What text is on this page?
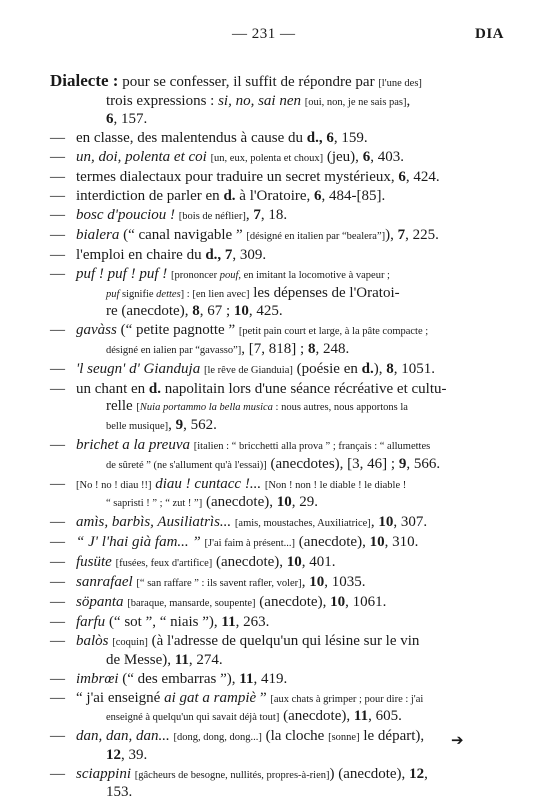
— 231 —	DIA
Dialecte : pour se confesser, il suffit de répondre par [l'une des]
trois expressions : si, no, sai nen [oui, non, je ne sais pas],
6, 157.
— en classe, des malentendus à cause du d., 6, 159.
— un, doi, polenta et coi [un, eux, polenta et choux] (jeu), 6, 403.
— termes dialectaux pour traduire un secret mystérieux, 6, 424.
— interdiction de parler en d. à l'Oratoire, 6, 484-[85].
— bosc d'pouciou ! [bois de néflier], 7, 18.
— bialera (“ canal navigable ” [désigné en italien par “bealera”]), 7, 225.
— l'emploi en chaire du d., 7, 309.
— puf ! puf ! puf ! [prononcer pouf, en imitant la locomotive à vapeur ;
puf signifie dettes] : [en lien avec] les dépenses de l'Oratoi-
re (anecdote), 8, 67 ; 10, 425.
— gavàss (“ petite pagnotte ” [petit pain court et large, à la pâte compacte ;
désigné en ialien par “gavasso”], [7, 818] ; 8, 248.
— 'l seugn' d' Gianduja [le rêve de Gianduia] (poésie en d.), 8, 1051.
— un chant en d. napolitain lors d'une séance récréative et cultu-
relle [Nuia portammo la bella musica : nous autres, nous apportons la
belle musique], 9, 562.
— brichet a la preuva [italien : “ bricchetti alla prova ” ; français : “ allumettes
de sûreté ” (ne s'allument qu'à l'essai)] (anecdotes), [3, 46] ; 9, 566.
—	[No ! no ! diau !!] diau ! cuntacc !... [Non ! non ! le diable ! le diable !
“ sapristi ! ” ; “ zut ! ”] (anecdote), 10, 29.
— amìs, barbìs, Ausiliatrìs... [amis, moustaches, Auxiliatrice], 10, 307.
— “ J' l'hai già fam... ” [J'ai faim à présent...] (anecdote), 10, 310.
— fusüte [fusées, feux d'artifice] (anecdote), 10, 401.
— sanrafael [“ san raffare ” : ils savent rafler, voler], 10, 1035.
— söpanta [baraque, mansarde, soupente] (anecdote), 10, 1061.
— farfu (“ sot ”, “ niais ”), 11, 263.
— balòs [coquin] (à l'adresse de quelqu'un qui lésine sur le vin
de Messe), 11, 274.
— imbrœi (“ des embarras ”), 11, 419.
— “ j'ai enseigné ai gat a rampiè ” [aux chats à grimper ; pour dire : j'ai
enseigné à quelqu'un qui savait déjà tout] (anecdote), 11, 605.
— dan, dan, dan... [dong, dong, dong...] (la cloche [sonne] le départ),
12, 39.
— sciappini [gâcheurs de besogne, nullités, propres-à-rien]) (anecdote), 12,
153.
➔
